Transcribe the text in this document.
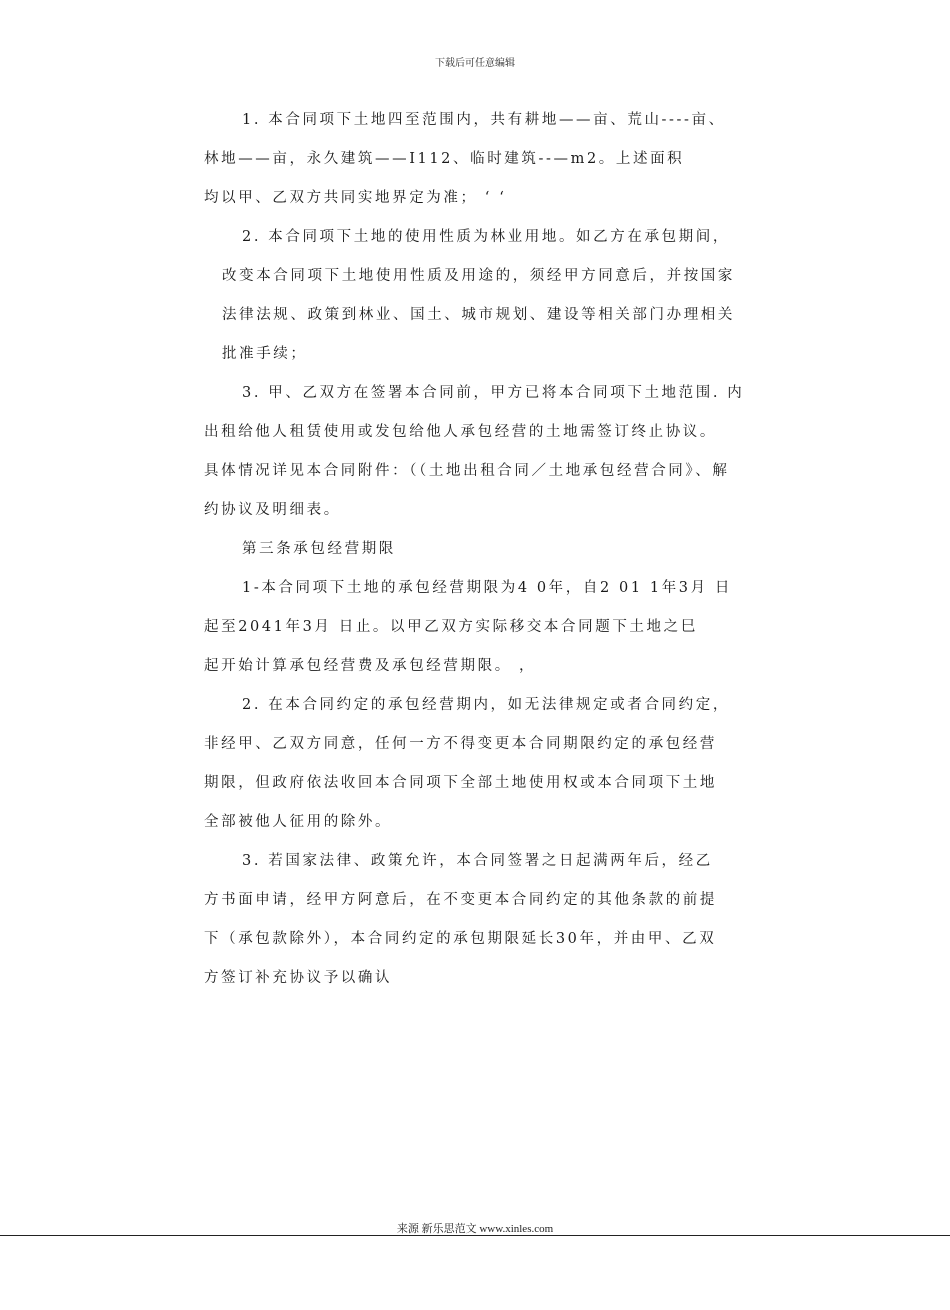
下载后可任意编辑
1. 本合同项下土地四至范围内，共有耕地——亩、荒山----亩、
林地——亩，永久建筑——I112、临时建筑--—m2。上述面积
均以甲、乙双方共同实地界定为准； ‘ ‘
2. 本合同项下土地的使用性质为林业用地。如乙方在承包期间，
改变本合同项下土地使用性质及用途的，须经甲方同意后，并按国家
法律法规、政策到林业、国土、城市规划、建设等相关部门办理相关
批准手续；
3. 甲、乙双方在签署本合同前，甲方已将本合同项下土地范围. 内
出租给他人租赁使用或发包给他人承包经营的土地需签订终止协议。
具体情况详见本合同附件：（（土地出租合同／土地承包经营合同》、解
约协议及明细表。
第三条承包经营期限
1-本合同项下土地的承包经营期限为4 0年，自2 01 1年3月 日
起至2041年3月 日止。以甲乙双方实际移交本合同题下土地之巳
起开始计算承包经营费及承包经营期限。 ，
2. 在本合同约定的承包经营期内，如无法律规定或者合同约定，
非经甲、乙双方同意，任何一方不得变更本合同期限约定的承包经营
期限，但政府依法收回本合同项下全部土地使用权或本合同项下土地
全部被他人征用的除外。
3. 若国家法律、政策允许，本合同签署之日起满两年后，经乙
方书面申请，经甲方阿意后，在不变更本合同约定的其他条款的前提
下（承包款除外），本合同约定的承包期限延长30年，并由甲、乙双
方签订补充协议予以确认
来源 新乐思范文 www.xinles.com
